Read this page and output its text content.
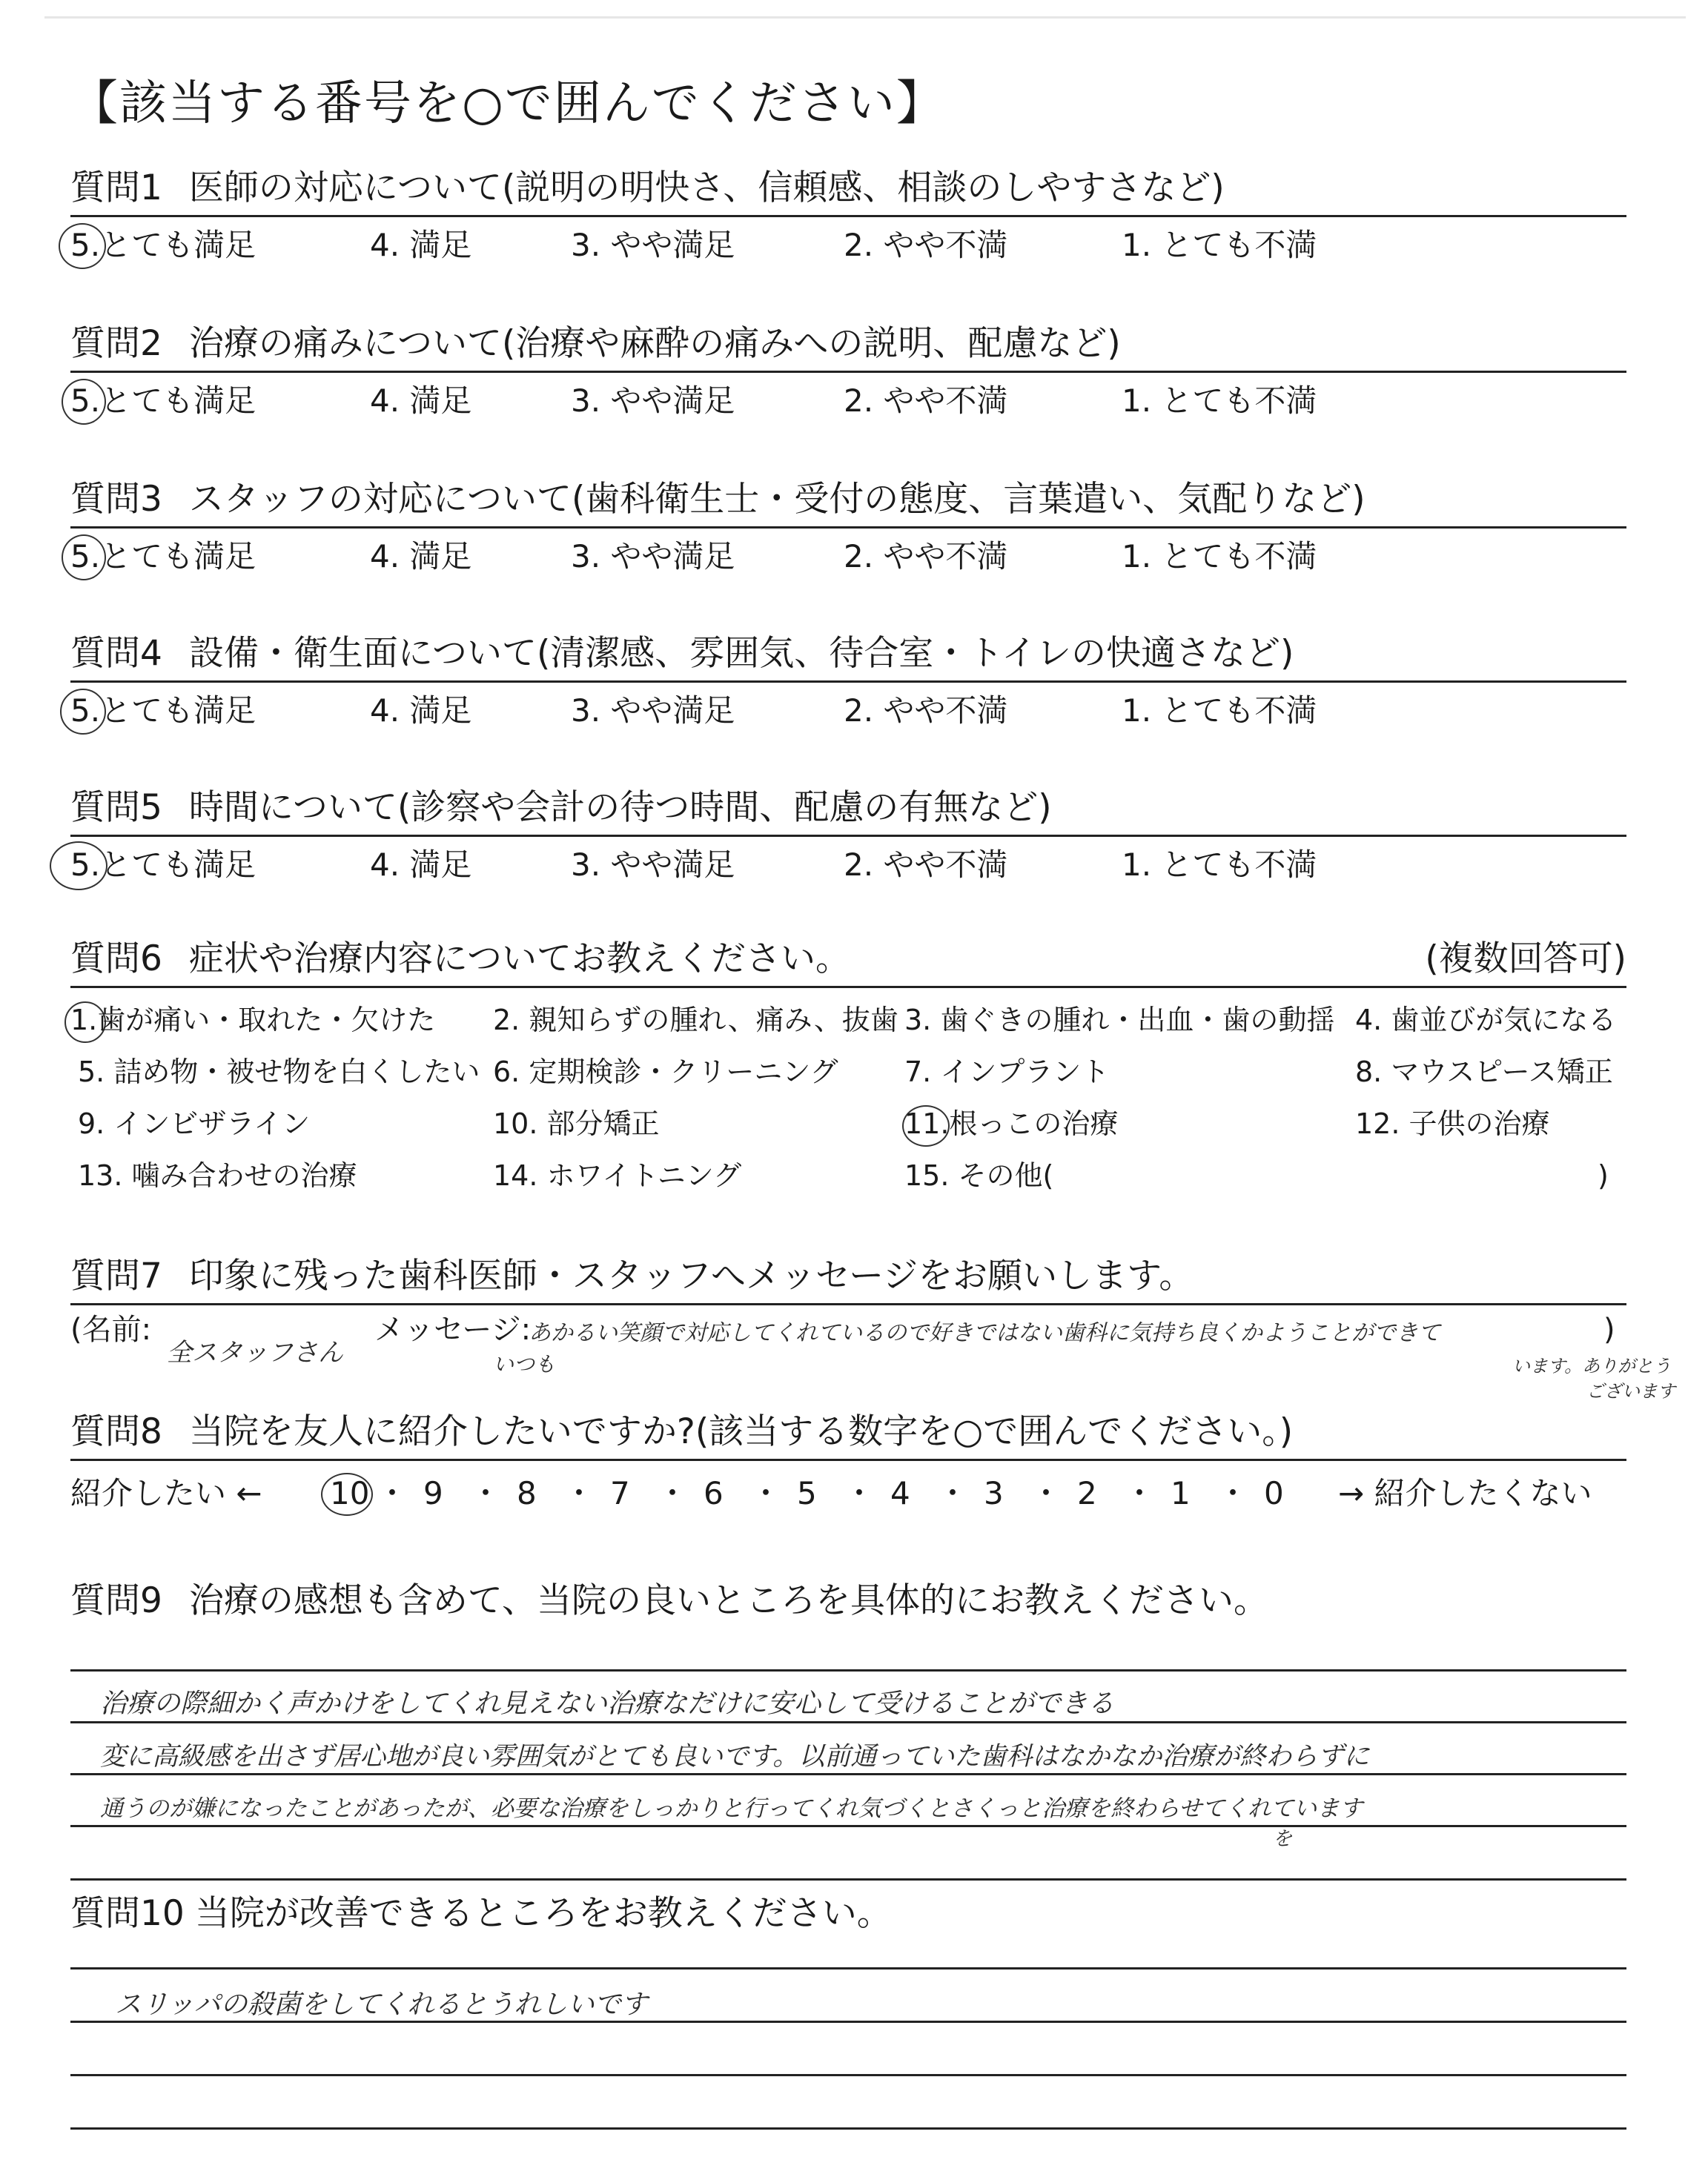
【該当する番号を○で囲んでください】
質問1 医師の対応について(説明の明快さ、信頼感、相談のしやすさなど)
5.とても満足	4. 満足	3. やや満足	2. やや不満	1. とても不満
質問2 治療の痛みについて(治療や麻酔の痛みへの説明、配慮など)
5.とても満足	4. 満足	3. やや満足	2. やや不満	1. とても不満
質問3 スタッフの対応について(歯科衛生士・受付の態度、言葉遣い、気配りなど)
5.とても満足	4. 満足	3. やや満足	2. やや不満	1. とても不満
質問4 設備・衛生面について(清潔感、雰囲気、待合室・トイレの快適さなど)
5.とても満足	4. 満足	3. やや満足	2. やや不満	1. とても不満
質問5 時間について(診察や会計の待つ時間、配慮の有無など)
5.とても満足	4. 満足	3. やや満足	2. やや不満	1. とても不満
質問6 症状や治療内容についてお教えください。	(複数回答可)
1.歯が痛い・取れた・欠けた 2. 親知らずの腫れ、痛み、抜歯 3. 歯ぐきの腫れ・出血・歯の動揺 4. 歯並びが気になる
5. 詰め物・被せ物を白くしたい 6. 定期検診・クリーニング 7. インプラント	8. マウスピース矯正
9. インビザライン	10. 部分矯正	11.根っこの治療	12. 子供の治療
13. 噛み合わせの治療	14. ホワイトニング	15. その他(	)
質問7 印象に残った歯科医師・スタッフへメッセージをお願いします。
(名前:
全スタッフさん
メッセージ:
あかるい笑顔で対応してくれているので好きではない歯科に気持ち良くかようことができて
いつも
)
います。ありがとう
ございます
質問8 当院を友人に紹介したいですか?(該当する数字を○で囲んでください。)
紹介したい ←	→ 紹介したくない
10 ・ 9 ・ 8 ・ 7 ・ 6 ・ 5 ・ 4 ・ 3 ・ 2 ・ 1 ・ 0
質問9 治療の感想も含めて、当院の良いところを具体的にお教えください。
治療の際細かく声かけをしてくれ見えない治療なだけに安心して受けることができる
変に高級感を出さず居心地が良い雰囲気がとても良いです。以前通っていた歯科はなかなか治療が終わらずに
通うのが嫌になったことがあったが、必要な治療をしっかりと行ってくれ気づくとさくっと治療を終わらせてくれています
を
質問10 当院が改善できるところをお教えください。
スリッパの殺菌をしてくれるとうれしいです
